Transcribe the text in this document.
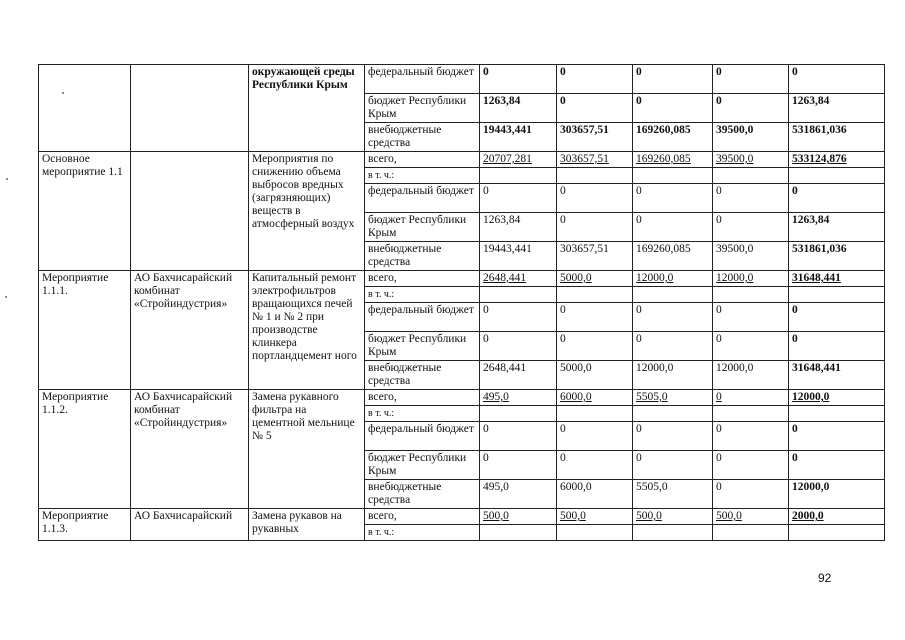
		окружающей среды Республики Крым	федеральный бюджет	0	0	0	0	0
			бюджет Республики Крым	1263,84	0	0	0	1263,84
			внебюджетные средства	19443,441	303657,51	169260,085	39500,0	531861,036
Основное мероприятие 1.1		Мероприятия по снижению объема выбросов вредных (загрязняющих) веществ в атмосферный воздух	всего,	20707,281	303657,51	169260,085	39500,0	533124,876
			в т. ч.:					
			федеральный бюджет	0	0	0	0	0
			бюджет Республики Крым	1263,84	0	0	0	1263,84
			внебюджетные средства	19443,441	303657,51	169260,085	39500,0	531861,036
Мероприятие 1.1.1.	АО Бахчисарайский комбинат «Стройиндустрия»	Капитальный ремонт электрофильтров вращающихся печей № 1 и № 2 при производстве клинкера портландцемент ного	всего,	2648,441	5000,0	12000,0	12000,0	31648,441
			в т. ч.:					
			федеральный бюджет	0	0	0	0	0
			бюджет Республики Крым	0	0	0	0	0
			внебюджетные средства	2648,441	5000,0	12000,0	12000,0	31648,441
Мероприятие 1.1.2.	АО Бахчисарайский комбинат «Стройиндустрия»	Замена рукавного фильтра на цементной мельнице № 5	всего,	495,0	6000,0	5505,0	0	12000,0
			в т. ч.:					
			федеральный бюджет	0	0	0	0	0
			бюджет Республики Крым	0	0	0	0	0
			внебюджетные средства	495,0	6000,0	5505,0	0	12000,0
Мероприятие 1.1.3.	АО Бахчисарайский	Замена рукавов на рукавных	всего,	500,0	500,0	500,0	500,0	2000,0
			в т. ч.:					
92
